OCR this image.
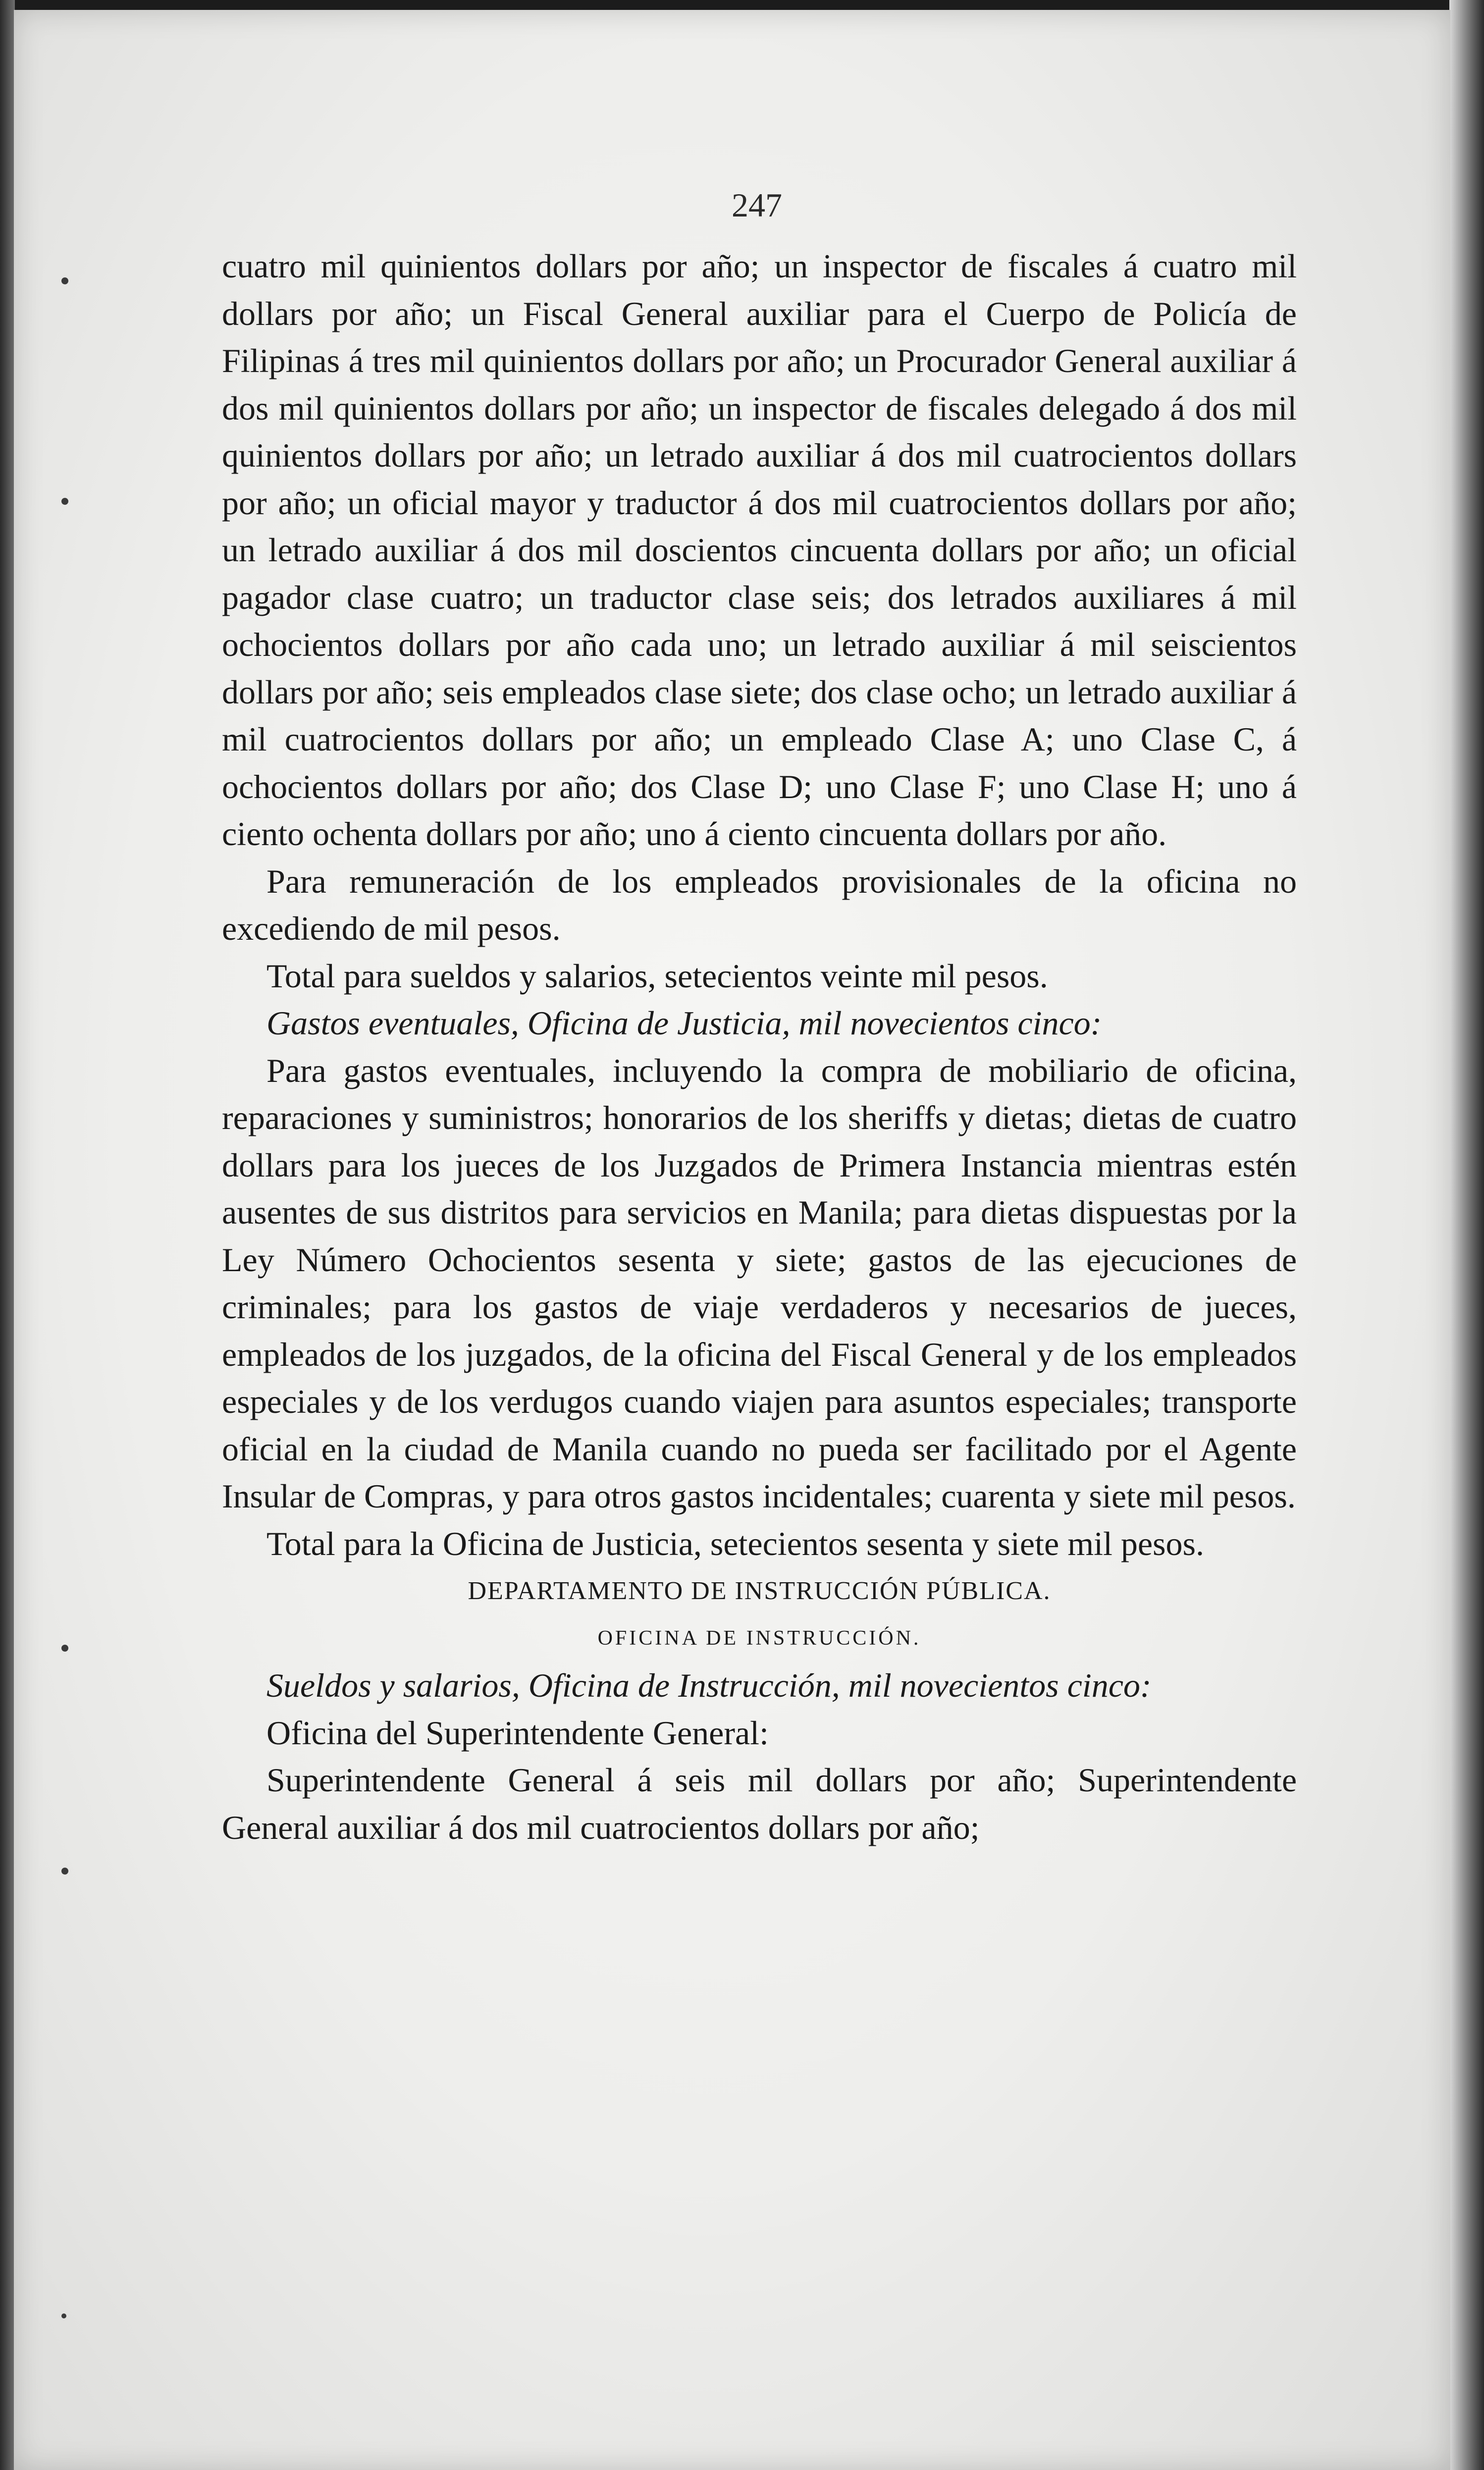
247

cuatro mil quinientos dollars por año; un inspector de fiscales á cuatro mil dollars por año; un Fiscal General auxiliar para el Cuerpo de Policía de Filipinas á tres mil quinientos dollars por año; un Procurador General auxiliar á dos mil quinientos dollars por año; un inspector de fiscales delegado á dos mil quinientos dollars por año; un letrado auxiliar á dos mil cuatrocientos dollars por año; un oficial mayor y traductor á dos mil cuatrocientos dollars por año; un letrado auxiliar á dos mil doscientos cincuenta dollars por año; un oficial pagador clase cuatro; un traductor clase seis; dos letrados auxiliares á mil ochocientos dollars por año cada uno; un letrado auxiliar á mil seiscientos dollars por año; seis empleados clase siete; dos clase ocho; un letrado auxiliar á mil cuatrocientos dollars por año; un empleado Clase A; uno Clase C, á ochocientos dollars por año; dos Clase D; uno Clase F; uno Clase H; uno á ciento ochenta dollars por año; uno á ciento cincuenta dollars por año.

Para remuneración de los empleados provisionales de la oficina no excediendo de mil pesos.

Total para sueldos y salarios, setecientos veinte mil pesos.

Gastos eventuales, Oficina de Justicia, mil novecientos cinco:

Para gastos eventuales, incluyendo la compra de mobiliario de oficina, reparaciones y suministros; honorarios de los sheriffs y dietas; dietas de cuatro dollars para los jueces de los Juzgados de Primera Instancia mientras estén ausentes de sus distritos para servicios en Manila; para dietas dispuestas por la Ley Número Ochocientos sesenta y siete; gastos de las ejecuciones de criminales; para los gastos de viaje verdaderos y necesarios de jueces, empleados de los juzgados, de la oficina del Fiscal General y de los empleados especiales y de los verdugos cuando viajen para asuntos especiales; transporte oficial en la ciudad de Manila cuando no pueda ser facilitado por el Agente Insular de Compras, y para otros gastos incidentales; cuarenta y siete mil pesos.

Total para la Oficina de Justicia, setecientos sesenta y siete mil pesos.

DEPARTAMENTO DE INSTRUCCIÓN PÚBLICA.

OFICINA DE INSTRUCCIÓN.

Sueldos y salarios, Oficina de Instrucción, mil novecientos cinco:

Oficina del Superintendente General:

Superintendente General á seis mil dollars por año; Superintendente General auxiliar á dos mil cuatrocientos dollars por año;
